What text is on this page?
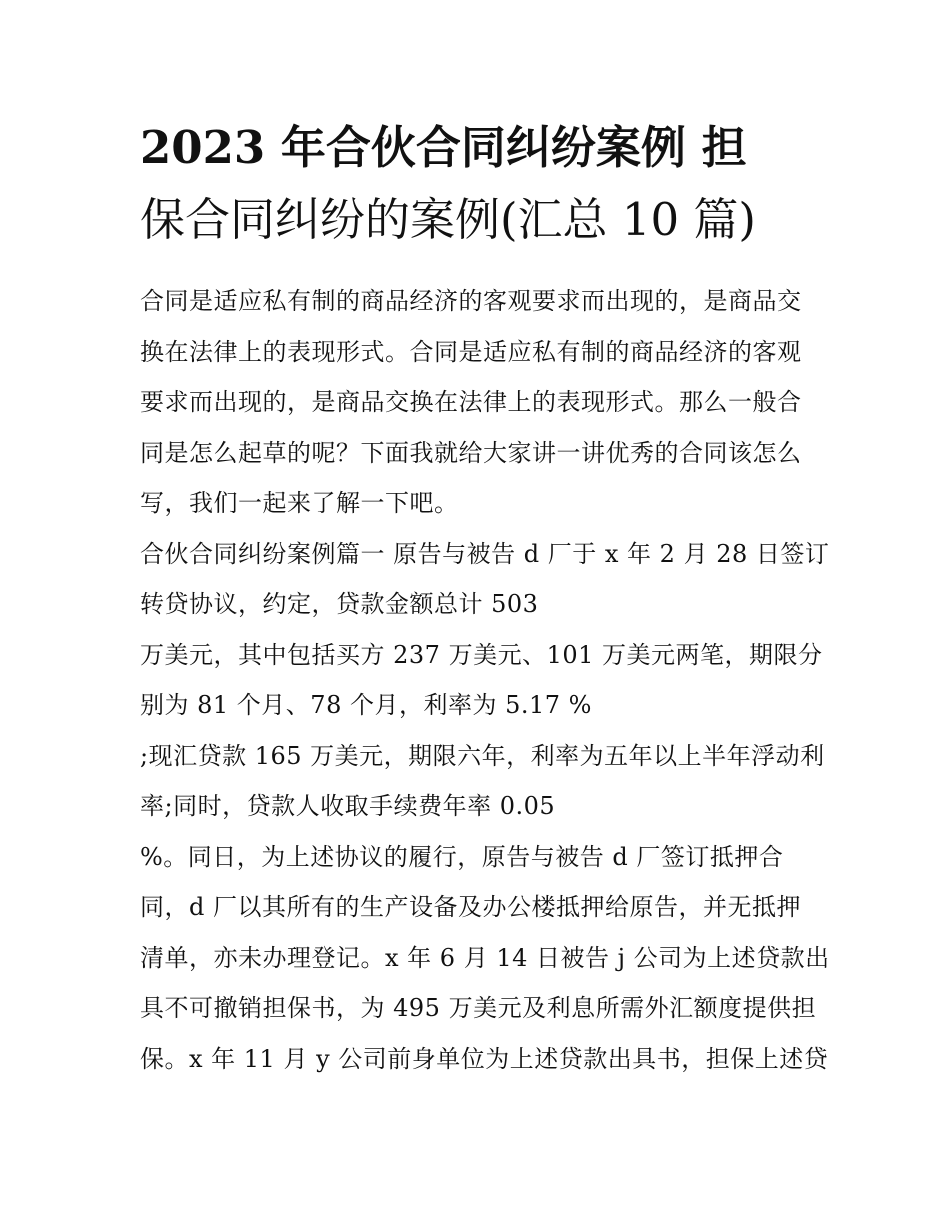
2023 年合伙合同纠纷案例 担
保合同纠纷的案例(汇总 10 篇)
合同是适应私有制的商品经济的客观要求而出现的，是商品交
换在法律上的表现形式。合同是适应私有制的商品经济的客观
要求而出现的，是商品交换在法律上的表现形式。那么一般合
同是怎么起草的呢？下面我就给大家讲一讲优秀的合同该怎么
写，我们一起来了解一下吧。
合伙合同纠纷案例篇一 原告与被告 d 厂于 x 年 2 月 28 日签订
转贷协议，约定，贷款金额总计 503
万美元，其中包括买方 237 万美元、101 万美元两笔，期限分
别为 81 个月、78 个月，利率为 5.17 %
;现汇贷款 165 万美元，期限六年，利率为五年以上半年浮动利
率;同时，贷款人收取手续费年率 0.05
%。同日，为上述协议的履行，原告与被告 d 厂签订抵押合
同，d 厂以其所有的生产设备及办公楼抵押给原告，并无抵押
清单，亦未办理登记。x 年 6 月 14 日被告 j 公司为上述贷款出
具不可撤销担保书，为 495 万美元及利息所需外汇额度提供担
保。x 年 11 月 y 公司前身单位为上述贷款出具书，担保上述贷
